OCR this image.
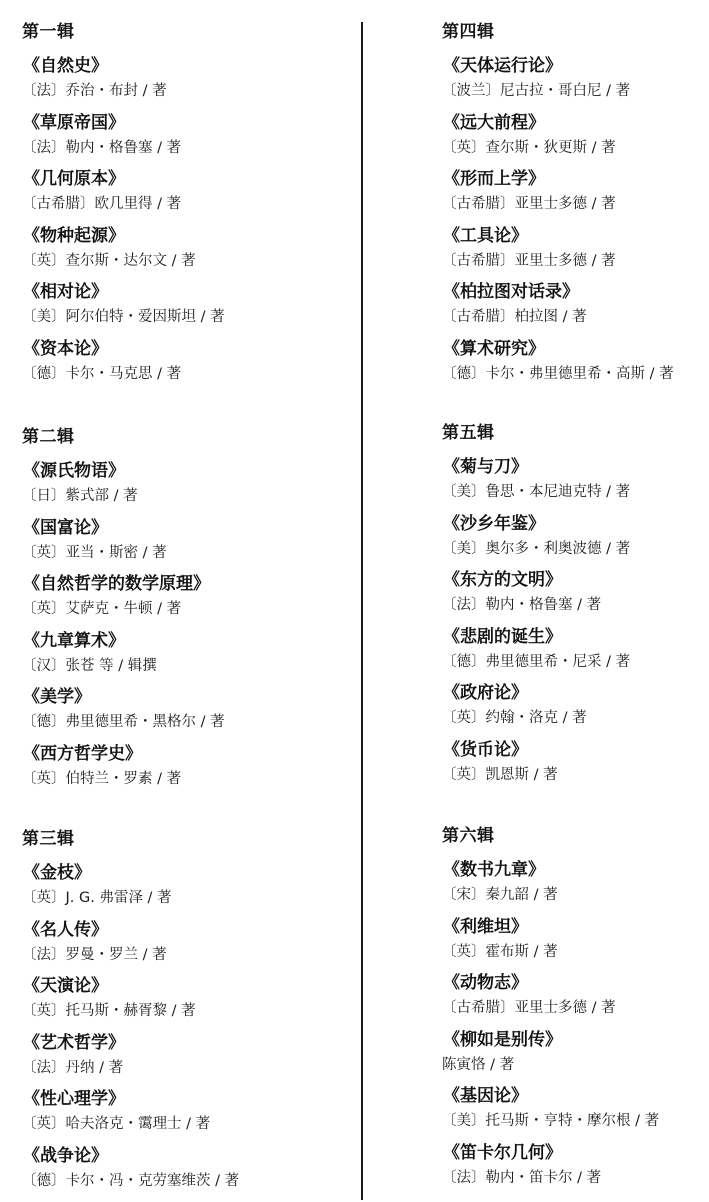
第一辑
《自然史》
〔法〕乔治・布封 / 著
《草原帝国》
〔法〕勒内・格鲁塞 / 著
《几何原本》
〔古希腊〕欧几里得 / 著
《物种起源》
〔英〕查尔斯・达尔文 / 著
《相对论》
〔美〕阿尔伯特・爱因斯坦 / 著
《资本论》
〔德〕卡尔・马克思 / 著
第二辑
《源氏物语》
〔日〕紫式部 / 著
《国富论》
〔英〕亚当・斯密 / 著
《自然哲学的数学原理》
〔英〕艾萨克・牛顿 / 著
《九章算术》
〔汉〕张苍 等 / 辑撰
《美学》
〔德〕弗里德里希・黑格尔 / 著
《西方哲学史》
〔英〕伯特兰・罗素 / 著
第三辑
《金枝》
〔英〕J. G. 弗雷泽 / 著
《名人传》
〔法〕罗曼・罗兰 / 著
《天演论》
〔英〕托马斯・赫胥黎 / 著
《艺术哲学》
〔法〕丹纳 / 著
《性心理学》
〔英〕哈夫洛克・霭理士 / 著
《战争论》
〔德〕卡尔・冯・克劳塞维茨 / 著
第四辑
《天体运行论》
〔波兰〕尼古拉・哥白尼 / 著
《远大前程》
〔英〕查尔斯・狄更斯 / 著
《形而上学》
〔古希腊〕亚里士多德 / 著
《工具论》
〔古希腊〕亚里士多德 / 著
《柏拉图对话录》
〔古希腊〕柏拉图 / 著
《算术研究》
〔德〕卡尔・弗里德里希・高斯 / 著
第五辑
《菊与刀》
〔美〕鲁思・本尼迪克特 / 著
《沙乡年鉴》
〔美〕奥尔多・利奥波德 / 著
《东方的文明》
〔法〕勒内・格鲁塞 / 著
《悲剧的诞生》
〔德〕弗里德里希・尼采 / 著
《政府论》
〔英〕约翰・洛克 / 著
《货币论》
〔英〕凯恩斯 / 著
第六辑
《数书九章》
〔宋〕秦九韶 / 著
《利维坦》
〔英〕霍布斯 / 著
《动物志》
〔古希腊〕亚里士多德 / 著
《柳如是别传》
陈寅恪 / 著
《基因论》
〔美〕托马斯・亨特・摩尔根 / 著
《笛卡尔几何》
〔法〕勒内・笛卡尔 / 著
